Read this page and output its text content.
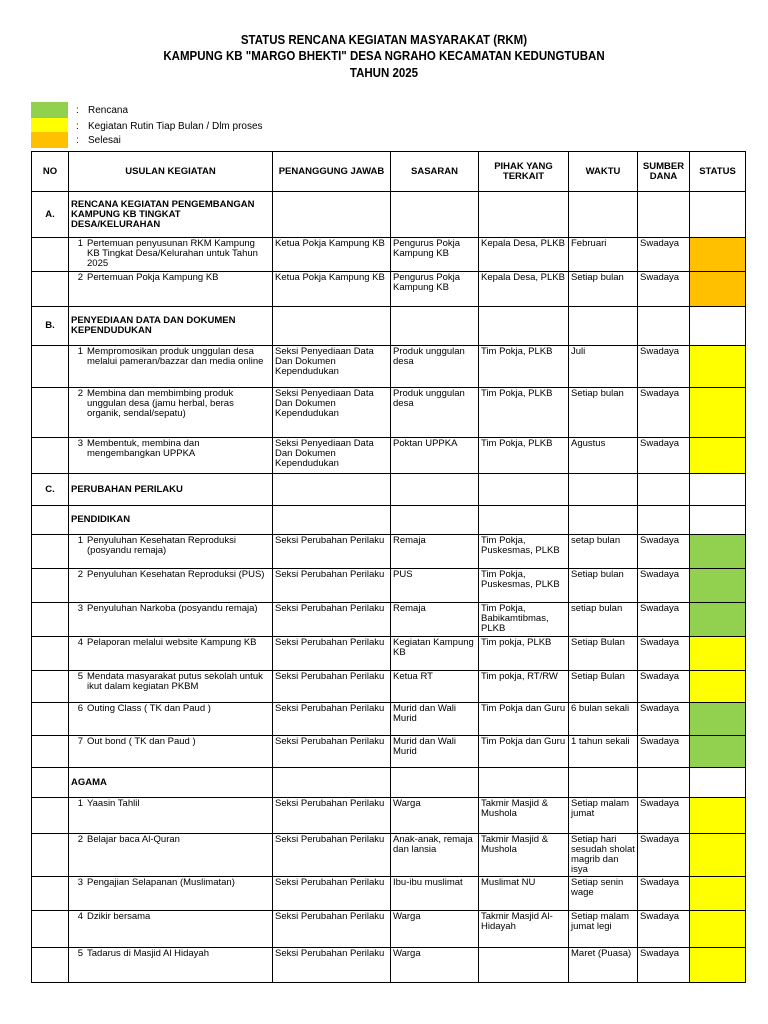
STATUS RENCANA KEGIATAN MASYARAKAT (RKM)
KAMPUNG KB "MARGO BHEKTI" DESA NGRAHO KECAMATAN KEDUNGTUBAN
TAHUN 2025
: Rencana
: Kegiatan Rutin Tiap Bulan / Dlm proses
: Selesai
NO	USULAN KEGIATAN	PENANGGUNG JAWAB	SASARAN	PIHAK YANG TERKAIT	WAKTU	SUMBER DANA	STATUS
A.	RENCANA KEGIATAN PENGEMBANGAN KAMPUNG KB TINGKAT DESA/KELURAHAN						
	1 Pertemuan penyusunan RKM Kampung KB Tingkat Desa/Kelurahan untuk Tahun 2025	Ketua Pokja Kampung KB	Pengurus Pokja Kampung KB	Kepala Desa, PLKB	Februari	Swadaya	
	2 Pertemuan Pokja Kampung KB	Ketua Pokja Kampung KB	Pengurus Pokja Kampung KB	Kepala Desa, PLKB	Setiap bulan	Swadaya	
B.	PENYEDIAAN DATA DAN DOKUMEN KEPENDUDUKAN						
	1 Mempromosikan produk unggulan desa melalui pameran/bazzar dan media online	Seksi Penyediaan Data Dan Dokumen Kependudukan	Produk unggulan desa	Tim Pokja, PLKB	Juli	Swadaya	
	2 Membina dan membimbing produk unggulan desa (jamu herbal, beras organik, sendal/sepatu)	Seksi Penyediaan Data Dan Dokumen Kependudukan	Produk unggulan desa	Tim Pokja, PLKB	Setiap bulan	Swadaya	
	3 Membentuk, membina dan mengembangkan UPPKA	Seksi Penyediaan Data Dan Dokumen Kependudukan	Poktan UPPKA	Tim Pokja, PLKB	Agustus	Swadaya	
C.	PERUBAHAN PERILAKU						
	PENDIDIKAN						
	1 Penyuluhan Kesehatan Reproduksi (posyandu remaja)	Seksi Perubahan Perilaku	Remaja	Tim Pokja, Puskesmas, PLKB	setap bulan	Swadaya	
	2 Penyuluhan Kesehatan Reproduksi (PUS)	Seksi Perubahan Perilaku	PUS	Tim Pokja, Puskesmas, PLKB	Setiap bulan	Swadaya	
	3 Penyuluhan Narkoba (posyandu remaja)	Seksi Perubahan Perilaku	Remaja	Tim Pokja, Babikamtibmas, PLKB	setiap bulan	Swadaya	
	4 Pelaporan melalui website Kampung KB	Seksi Perubahan Perilaku	Kegiatan Kampung KB	Tim pokja, PLKB	Setiap Bulan	Swadaya	
	5 Mendata masyarakat putus sekolah untuk ikut dalam kegiatan PKBM	Seksi Perubahan Perilaku	Ketua RT	Tim pokja, RT/RW	Setiap Bulan	Swadaya	
	6 Outing Class ( TK dan Paud )	Seksi Perubahan Perilaku	Murid dan Wali Murid	Tim Pokja dan Guru	6 bulan sekali	Swadaya	
	7 Out bond ( TK dan Paud )	Seksi Perubahan Perilaku	Murid dan Wali Murid	Tim Pokja dan Guru	1 tahun sekali	Swadaya	
	AGAMA						
	1 Yaasin Tahlil	Seksi Perubahan Perilaku	Warga	Takmir Masjid & Mushola	Setiap malam jumat	Swadaya	
	2 Belajar baca Al-Quran	Seksi Perubahan Perilaku	Anak-anak, remaja dan lansia	Takmir Masjid & Mushola	Setiap hari sesudah sholat magrib dan isya	Swadaya	
	3 Pengajian Selapanan (Muslimatan)	Seksi Perubahan Perilaku	Ibu-ibu muslimat	Muslimat NU	Setiap senin wage	Swadaya	
	4 Dzikir bersama	Seksi Perubahan Perilaku	Warga	Takmir Masjid Al-Hidayah	Setiap malam jumat legi	Swadaya	
	5 Tadarus di Masjid Al Hidayah	Seksi Perubahan Perilaku	Warga		Maret (Puasa)	Swadaya	
